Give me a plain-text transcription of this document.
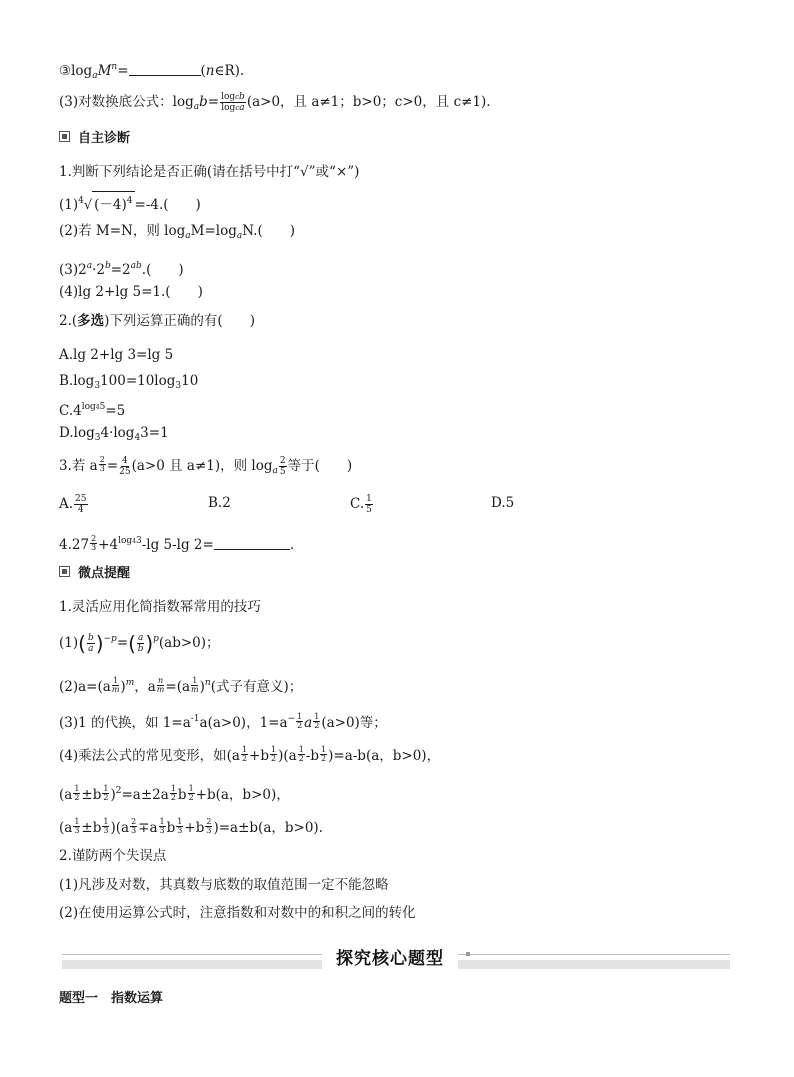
$③\log_aM^n=$	(n∈R).
(3)对数换底公式：$\log_ab= \frac{\text{logcb}}{\text{logca}} (a>0$，且 a≠1；b>0；c>0，且 c≠1).
自主诊断
1.判断下列结论是否正确(请在括号中打“√”或“×”)
$(1)^4√$ $(-4)^4 =-4$.(　　)
(2)若 M=N，则 $\log_aM=\log_aN$.(　　)
$(3)2^a\cdot 2^b=2^{ab}$.(　　)
(4)lg 2+lg 5=1.(　　)
2.(多选)下列运算正确的有(　　)
A.lg 2+lg 3=lg 5
$B.\log_3100=10\log_310$
$C.4^{log45}=5$
$D.\log_34\cdot\log_43=1$
3.若 a $\frac{2}{3} = \frac{4}{25} (a>0$ 且 a≠1)，则 $\log_a \frac{2}{5}$ 等于(　　)
A. $\frac{25}{4}$	B.2	C. $\frac{1}{5}$	D.5
$4.27 \frac{2}{3} +4^{log43}-\lg$ 5-lg 2=	.
微点提醒
1.灵活应用化简指数幂常用的技巧
$(1)( \frac{b}{a} )^{-p}=( \frac{a}{b} )^p(ab>0)$；
$(2)a=(a \frac{1}{m} )^m$，a $\frac{n}{m} =(a \frac{1}{m} )^n$(式子有意义)；
(3)1 的代换，如 $1=a^{-1}a(a>0)$，$1=a^- \frac{1}{2}$ a $\frac{1}{2} (a>0)$等；
(4)乘法公式的常见变形，如$(a \frac{1}{2} +b \frac{1}{2} )(a \frac{1}{2} -b \frac{1}{2} )=a-b(a$，b>0)，
$(a \frac{1}{2} \pm b \frac{1}{2} )^2=a\pm 2a \frac{1}{2}$ b $\frac{1}{2} +b(a$，b>0)，
$(a \frac{1}{3} \pm b \frac{1}{3} )(a \frac{2}{3} \mp a \frac{1}{3}$ b $\frac{1}{3} +b \frac{2}{3} )=a\pm b(a$，b>0).
2.谨防两个失误点
(1)凡涉及对数，其真数与底数的取值范围一定不能忽略
(2)在使用运算公式时，注意指数和对数中的和积之间的转化
探究核心题型
题型一　指数运算
